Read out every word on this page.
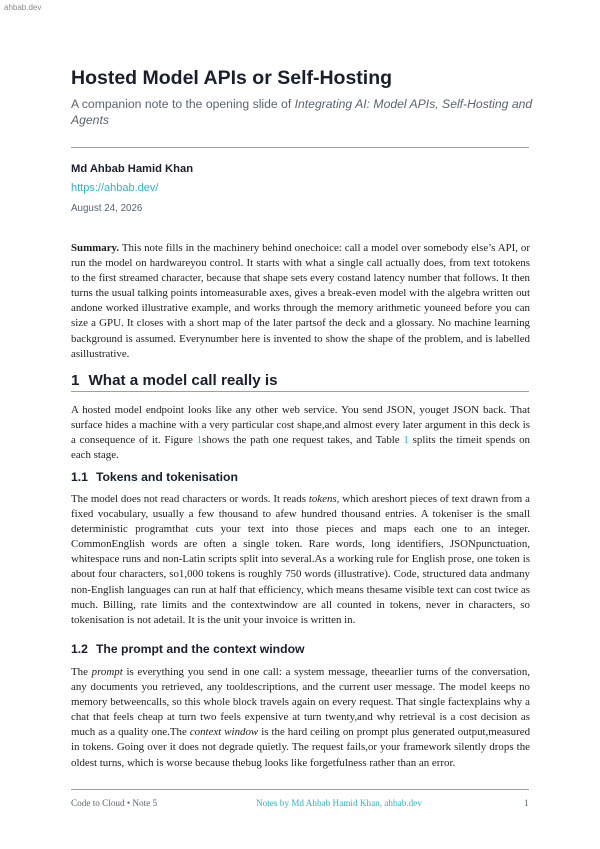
ahbab.dev
Hosted Model APIs or Self-Hosting
A companion note to the opening slide of Integrating AI: Model APIs, Self-Hosting and Agents
Md Ahbab Hamid Khan
https://ahbab.dev/
August 24, 2026
Summary. This note fills in the machinery behind onechoice: call a model over somebody else’s API, or run the model on hardwareyou control. It starts with what a single call actually does, from text totokens to the first streamed character, because that shape sets every costand latency number that follows. It then turns the usual talking points intomeasurable axes, gives a break-even model with the algebra written out andone worked illustrative example, and works through the memory arithmetic youneed before you can size a GPU. It closes with a short map of the later partsof the deck and a glossary. No machine learning background is assumed. Everynumber here is invented to show the shape of the problem, and is labelled asillustrative.
1 What a model call really is
A hosted model endpoint looks like any other web service. You send JSON, youget JSON back. That surface hides a machine with a very particular cost shape,and almost every later argument in this deck is a consequence of it. Figure 1shows the path one request takes, and Table 1 splits the timeit spends on each stage.
1.1 Tokens and tokenisation
The model does not read characters or words. It reads tokens, which areshort pieces of text drawn from a fixed vocabulary, usually a few thousand to afew hundred thousand entries. A tokeniser is the small deterministic programthat cuts your text into those pieces and maps each one to an integer. CommonEnglish words are often a single token. Rare words, long identifiers, JSONpunctuation, whitespace runs and non-Latin scripts split into several.As a working rule for English prose, one token is about four characters, so1,000 tokens is roughly 750 words (illustrative). Code, structured data andmany non-English languages can run at half that efficiency, which means thesame visible text can cost twice as much. Billing, rate limits and the contextwindow are all counted in tokens, never in characters, so tokenisation is not adetail. It is the unit your invoice is written in.
1.2 The prompt and the context window
The prompt is everything you send in one call: a system message, theearlier turns of the conversation, any documents you retrieved, any tooldescriptions, and the current user message. The model keeps no memory betweencalls, so this whole block travels again on every request. That single factexplains why a chat that feels cheap at turn two feels expensive at turn twenty,and why retrieval is a cost decision as much as a quality one.The context window is the hard ceiling on prompt plus generated output,measured in tokens. Going over it does not degrade quietly. The request fails,or your framework silently drops the oldest turns, which is worse because thebug looks like forgetfulness rather than an error.
Code to Cloud • Note 5	Notes by Md Ahbab Hamid Khan, ahbab.dev	1
